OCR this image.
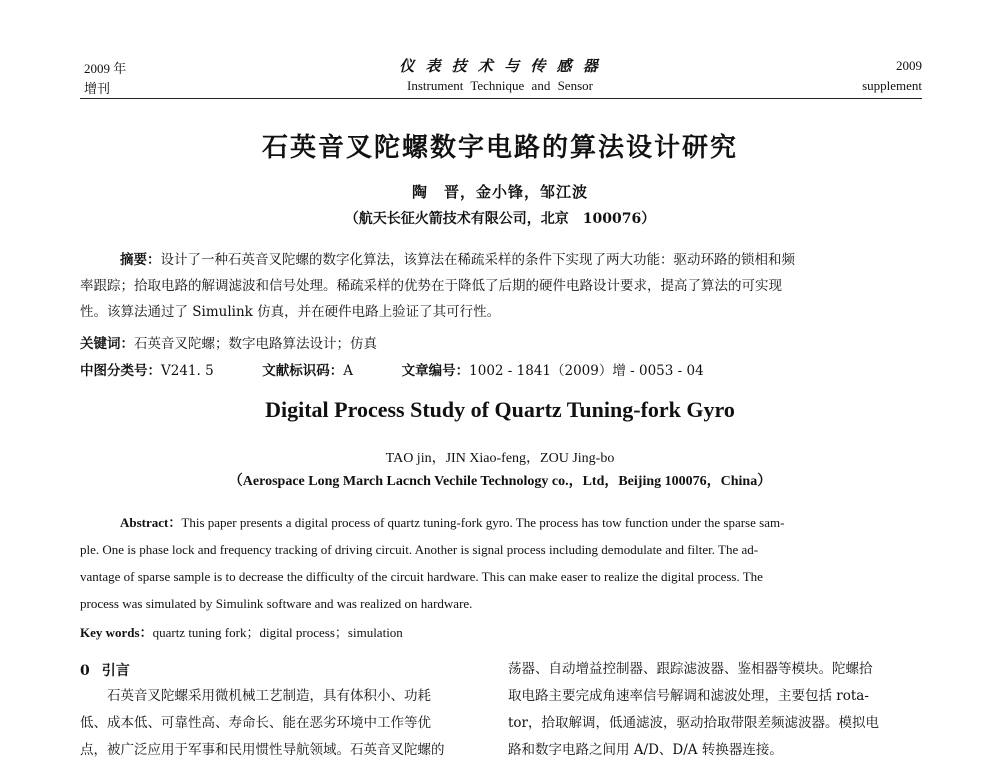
2009 年
增刊
仪 表 技 术 与 传 感 器
Instrument Technique and Sensor
2009
supplement
石英音叉陀螺数字电路的算法设计研究
陶　晋，金小锋，邹江波
（航天长征火箭技术有限公司，北京　100076）
摘要：设计了一种石英音叉陀螺的数字化算法，该算法在稀疏采样的条件下实现了两大功能：驱动环路的锁相和频
率跟踪；拾取电路的解调滤波和信号处理。稀疏采样的优势在于降低了后期的硬件电路设计要求，提高了算法的可实现
性。该算法通过了 Simulink 仿真，并在硬件电路上验证了其可行性。
关键词：石英音叉陀螺；数字电路算法设计；仿真
中图分类号：V241. 5	文献标识码：A	文章编号：1002 - 1841（2009）增 - 0053 - 04
Digital Process Study of Quartz Tuning-fork Gyro
TAO jin，JIN Xiao-feng，ZOU Jing-bo
（Aerospace Long March Lacnch Vechile Technology co.，Ltd，Beijing 100076，China）
Abstract：This paper presents a digital process of quartz tuning-fork gyro. The process has tow function under the sparse sam-
ple. One is phase lock and frequency tracking of driving circuit. Another is signal process including demodulate and filter. The ad-
vantage of sparse sample is to decrease the difficulty of the circuit hardware. This can make easer to realize the digital process. The
process was simulated by Simulink software and was realized on hardware.
Key words：quartz tuning fork；digital process；simulation
0 引言
石英音叉陀螺采用微机械工艺制造，具有体积小、功耗
低、成本低、可靠性高、寿命长、能在恶劣环境中工作等优
点，被广泛应用于军事和民用惯性导航领域。石英音叉陀螺的
荡器、自动增益控制器、跟踪滤波器、鉴相器等模块。陀螺拾
取电路主要完成角速率信号解调和滤波处理，主要包括 rota-
tor，拾取解调，低通滤波，驱动拾取带限差频滤波器。模拟电
路和数字电路之间用 A/D、D/A 转换器连接。
